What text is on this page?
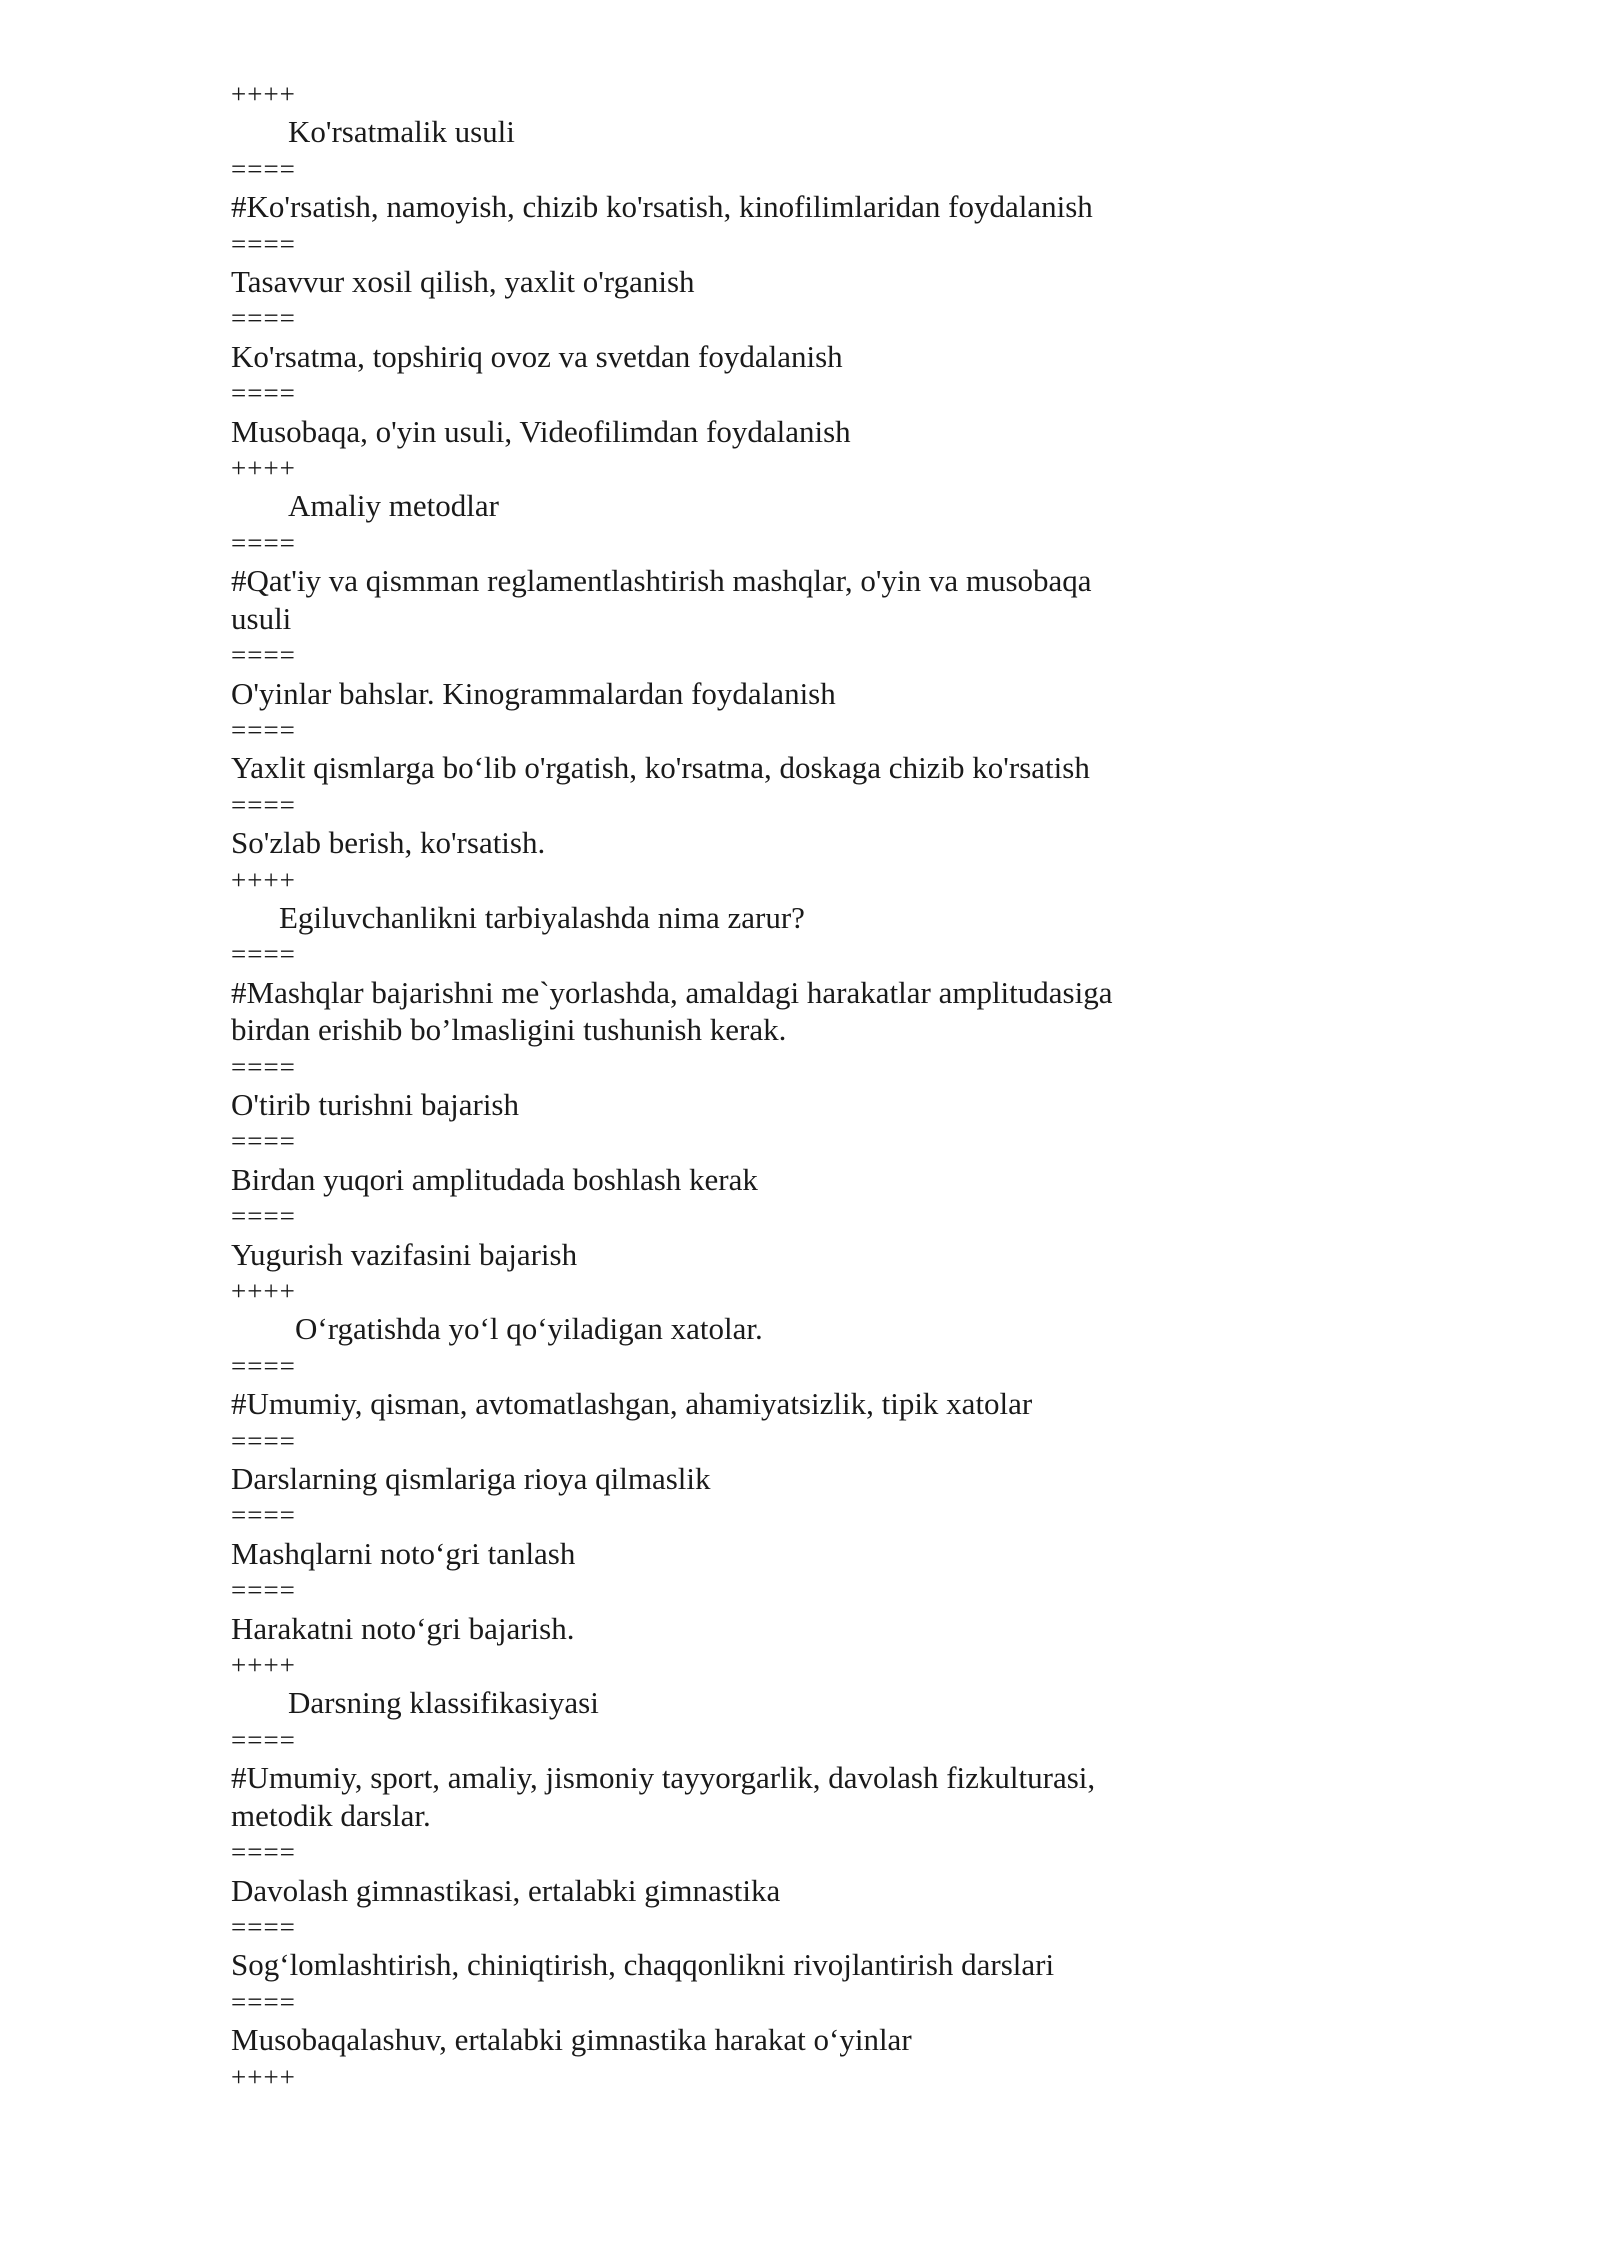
++++
Ko'rsatmalik usuli
====
#Ko'rsatish, namoyish, chizib ko'rsatish, kinofilimlaridan foydalanish
====
Tasavvur xosil qilish, yaxlit o'rganish
====
Ko'rsatma, topshiriq ovoz va svetdan foydalanish
====
Musobaqa, o'yin usuli, Videofilimdan foydalanish
++++
Amaliy metodlar
====
#Qat'iy va qismman reglamentlashtirish mashqlar, o'yin va musobaqa
usuli
====
O'yinlar bahslar. Kinogrammalardan foydalanish
====
Yaxlit qismlarga bo‘lib o'rgatish, ko'rsatma, doskaga chizib ko'rsatish
====
So'zlab berish, ko'rsatish.
++++
Egiluvchanlikni tarbiyalashda nima zarur?
====
#Mashqlar bajarishni me`yorlashda, amaldagi harakatlar amplitudasiga
birdan erishib bo’lmasligini tushunish kerak.
====
O'tirib turishni bajarish
====
Birdan yuqori amplitudada boshlash kerak
====
Yugurish vazifasini bajarish
++++
O‘rgatishda yo‘l qo‘yiladigan xatolar.
====
#Umumiy, qisman, avtomatlashgan, ahamiyatsizlik, tipik xatolar
====
Darslarning qismlariga rioya qilmaslik
====
Mashqlarni noto‘gri tanlash
====
Harakatni noto‘gri bajarish.
++++
Darsning klassifikasiyasi
====
#Umumiy, sport, amaliy, jismoniy tayyorgarlik, davolash fizkulturasi,
metodik darslar.
====
Davolash gimnastikasi, ertalabki gimnastika
====
Sog‘lomlashtirish, chiniqtirish, chaqqonlikni rivojlantirish darslari
====
Musobaqalashuv, ertalabki gimnastika harakat o‘yinlar
++++
